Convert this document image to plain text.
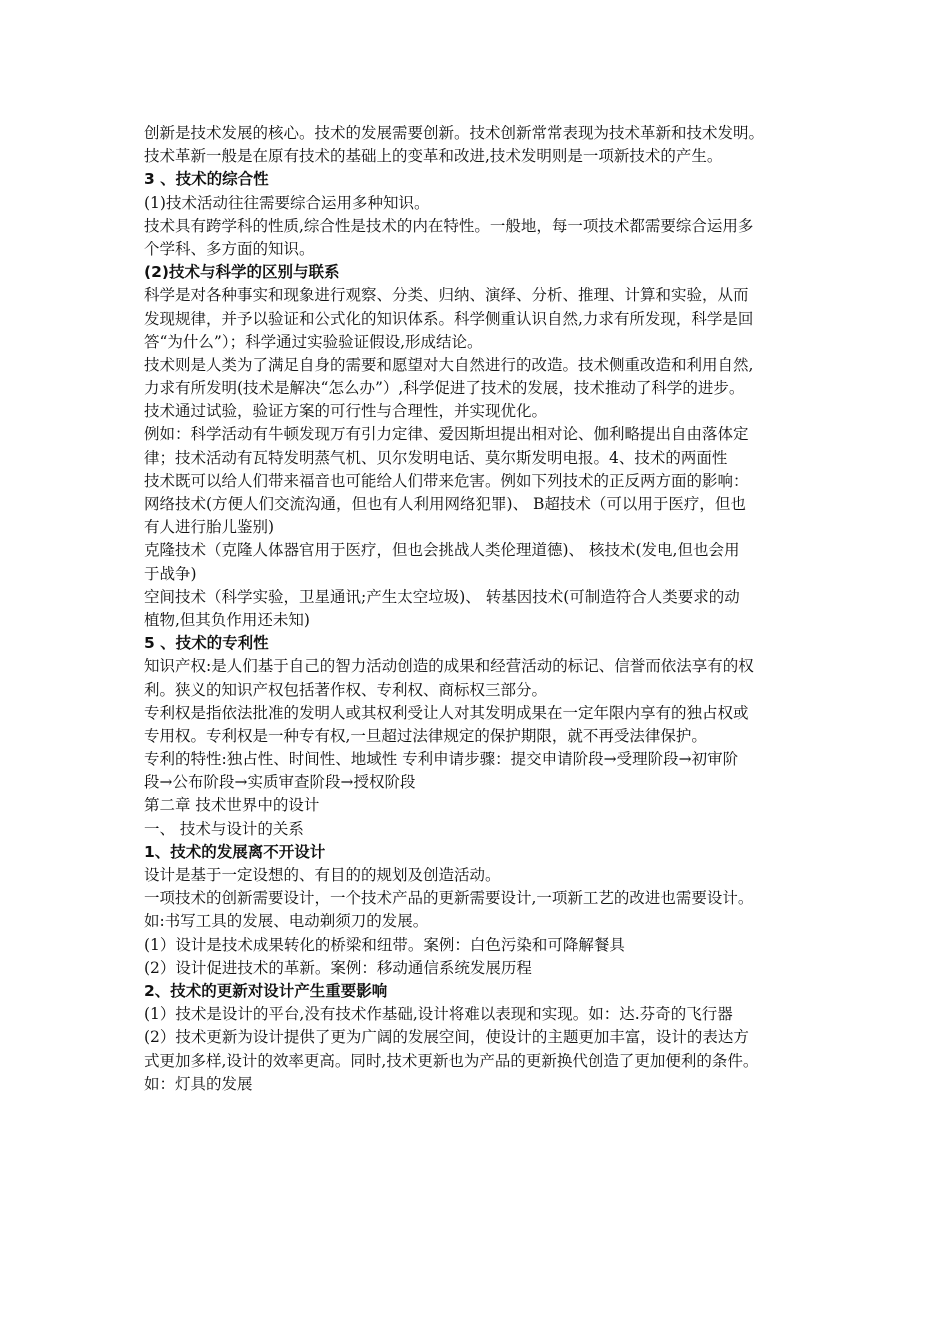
创新是技术发展的核心。技术的发展需要创新。技术创新常常表现为技术革新和技术发明。
技术革新一般是在原有技术的基础上的变革和改进,技术发明则是一项新技术的产生。
3 、技术的综合性
(1)技术活动往往需要综合运用多种知识。
技术具有跨学科的性质,综合性是技术的内在特性。一般地，每一项技术都需要综合运用多
个学科、多方面的知识。
(2)技术与科学的区别与联系
科学是对各种事实和现象进行观察、分类、归纳、演绎、分析、推理、计算和实验，从而
发现规律，并予以验证和公式化的知识体系。科学侧重认识自然,力求有所发现，科学是回
答“为什么”）；科学通过实验验证假设,形成结论。
技术则是人类为了满足自身的需要和愿望对大自然进行的改造。技术侧重改造和利用自然,
力求有所发明(技术是解决“怎么办”）,科学促进了技术的发展，技术推动了科学的进步。
技术通过试验，验证方案的可行性与合理性，并实现优化。
例如：科学活动有牛顿发现万有引力定律、爱因斯坦提出相对论、伽利略提出自由落体定
律；技术活动有瓦特发明蒸气机、贝尔发明电话、莫尔斯发明电报。4、技术的两面性
技术既可以给人们带来福音也可能给人们带来危害。例如下列技术的正反两方面的影响：
网络技术(方便人们交流沟通，但也有人利用网络犯罪)、 B超技术（可以用于医疗，但也
有人进行胎儿鉴别)
克隆技术（克隆人体器官用于医疗，但也会挑战人类伦理道德)、 核技术(发电,但也会用
于战争)
空间技术（科学实验，卫星通讯;产生太空垃圾)、 转基因技术(可制造符合人类要求的动
植物,但其负作用还未知)
5 、技术的专利性
知识产权:是人们基于自己的智力活动创造的成果和经营活动的标记、信誉而依法享有的权
利。狭义的知识产权包括著作权、专利权、商标权三部分。
专利权是指依法批准的发明人或其权利受让人对其发明成果在一定年限内享有的独占权或
专用权。专利权是一种专有权,一旦超过法律规定的保护期限，就不再受法律保护。
专利的特性:独占性、时间性、地域性 专利申请步骤：提交申请阶段→受理阶段→初审阶
段→公布阶段→实质审查阶段→授权阶段
第二章 技术世界中的设计
一、 技术与设计的关系
1、技术的发展离不开设计
设计是基于一定设想的、有目的的规划及创造活动。
一项技术的创新需要设计，一个技术产品的更新需要设计,一项新工艺的改进也需要设计。
如:书写工具的发展、电动剃须刀的发展。
(1）设计是技术成果转化的桥梁和纽带。案例：白色污染和可降解餐具
(2）设计促进技术的革新。案例：移动通信系统发展历程
2、技术的更新对设计产生重要影响
(1）技术是设计的平台,没有技术作基础,设计将难以表现和实现。如：达.芬奇的飞行器
(2）技术更新为设计提供了更为广阔的发展空间，使设计的主题更加丰富，设计的表达方
式更加多样,设计的效率更高。同时,技术更新也为产品的更新换代创造了更加便利的条件。
如：灯具的发展
